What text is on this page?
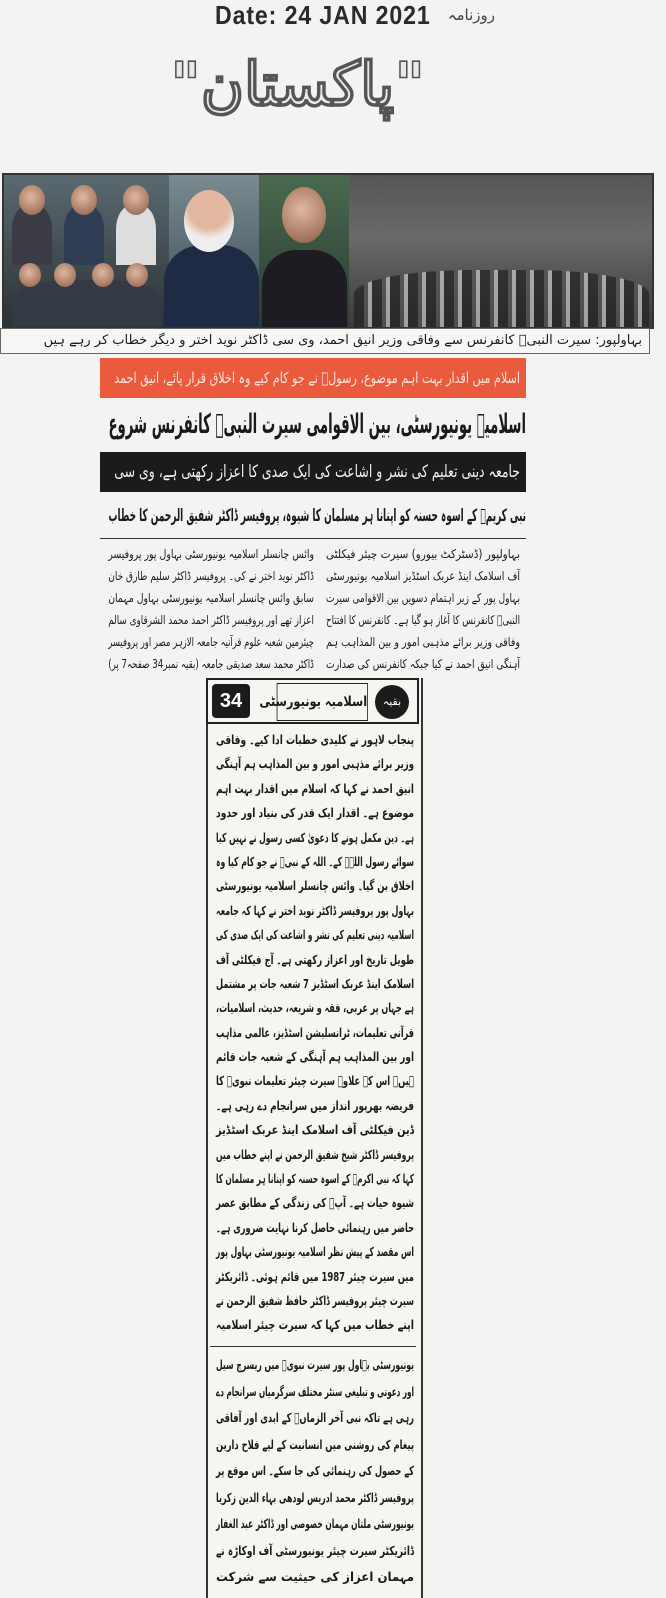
Date: 24 JAN 2021 روزنامہ
"پاکستان"
بہاولپور: سیرت النبیؐ کانفرنس سے وفاقی وزیر انیق احمد، وی سی ڈاکٹر نوید اختر و دیگر خطاب کر رہے ہیں
اسلام میں اقدار بہت اہم موضوع، رسولؐ نے جو کام کیے وہ اخلاق قرار پائے، انیق احمد
اسلامیہ یونیورسٹی، بین الاقوامی سیرت النبیؐ کانفرنس شروع
جامعہ دینی تعلیم کی نشر و اشاعت کی ایک صدی کا اعزاز رکھتی ہے، وی سی
نبی کریمؐ کے اسوہ حسنہ کو اپنانا ہر مسلمان کا شیوہ، پروفیسر ڈاکٹر شفیق الرحمن کا خطاب
بہاولپور (ڈسٹرکٹ بیورو) سیرت چیئر فیکلٹی
آف اسلامک اینڈ عربک اسٹڈیز اسلامیہ یونیورسٹی
بہاول پور کے زیر اہتمام دسویں بین الاقوامی سیرت
النبیؐ کانفرنس کا آغاز ہو گیا ہے۔ کانفرنس کا افتتاح
وفاقی وزیر برائے مذہبی امور و بین المذاہب ہم
آہنگی انیق احمد نے کیا جبکہ کانفرنس کی صدارت
وائس چانسلر اسلامیہ یونیورسٹی بہاول پور پروفیسر
ڈاکٹر نوید اختر نے کی۔ پروفیسر ڈاکٹر سلیم طارق خان
سابق وائس چانسلر اسلامیہ یونیورسٹی بہاول مہمان
اعزاز تھے اور پروفیسر ڈاکٹر احمد محمد الشرقاوی سالم
چیئرمین شعبہ علوم قرآنیہ جامعہ الازہر مصر اور پروفیسر
ڈاکٹر محمد سعد صدیقی جامعہ (بقیہ نمبر34 صفحہ7 پر)
34	اسلامیہ یونیورسٹی	بقیہ
پنجاب لاہور نے کلیدی خطبات ادا کیے۔ وفاقی
وزیر برائے مذہبی امور و بین المذاہب ہم آہنگی
انیق احمد نے کہا کہ اسلام میں اقدار بہت اہم
موضوع ہے۔ اقدار ایک قدر کی بنیاد اور حدود
ہے۔ دین مکمل ہونے کا دعویٰ کسی رسول نے نہیں کیا
سوائے رسول اللہؐ کے۔ اللہ کے نبیؐ نے جو کام کیا وہ
اخلاق بن گیا۔ وائس چانسلر اسلامیہ یونیورسٹی
بہاول پور پروفیسر ڈاکٹر نوید اختر نے کہا کہ جامعہ
اسلامیہ دینی تعلیم کی نشر و اشاعت کی ایک صدی کی
طویل تاریخ اور اعزاز رکھتی ہے۔ آج فیکلٹی آف
اسلامک اینڈ عربک اسٹڈیز 7 شعبہ جات پر مشتمل
ہے جہاں پر عربی، فقہ و شریعہ، حدیث، اسلامیات،
قرآنی تعلیمات، ٹرانسلیشن اسٹڈیز، عالمی مذاہب
اور بین المذاہب ہم آہنگی کے شعبہ جات قائم
ہیں۔ اس کے علاوہ سیرت چیئر تعلیمات نبویؐ کا
فریضہ بھرپور انداز میں سرانجام دے رہی ہے۔
ڈین فیکلٹی آف اسلامک اینڈ عربک اسٹڈیز
پروفیسر ڈاکٹر شیخ شفیق الرحمن نے اپنے خطاب میں
کہا کہ نبی اکرمؐ کے اسوہ حسنہ کو اپنانا ہر مسلمان کا
شیوہ حیات ہے۔ آپؐ کی زندگی کے مطابق عصر
حاضر میں رہنمائی حاصل کرنا نہایت ضروری ہے۔
اس مقصد کے پیش نظر اسلامیہ یونیورسٹی بہاول پور
میں سیرت چیئر 1987 میں قائم ہوئی۔ ڈائریکٹر
سیرت چیئر پروفیسر ڈاکٹر حافظ شفیق الرحمن نے
اپنے خطاب میں کہا کہ سیرت چیئر اسلامیہ
یونیورسٹی بہاول پور سیرت نبویؐ میں ریسرچ سیل
اور دعوتی و تبلیغی سنٹر مختلف سرگرمیاں سرانجام دے
رہی ہے تاکہ نبی آخر الزماںؐ کے ابدی اور آفاقی
پیغام کی روشنی میں انسانیت کے لیے فلاح دارین
کے حصول کی رہنمائی کی جا سکے۔ اس موقع پر
پروفیسر ڈاکٹر محمد ادریس لودھی بہاء الدین زکریا
یونیورسٹی ملتان مہمان خصوصی اور ڈاکٹر عبد الغفار
ڈائریکٹر سیرت چیئر یونیورسٹی آف اوکاڑہ نے
مہمان اعزاز کی حیثیت سے شرکت
